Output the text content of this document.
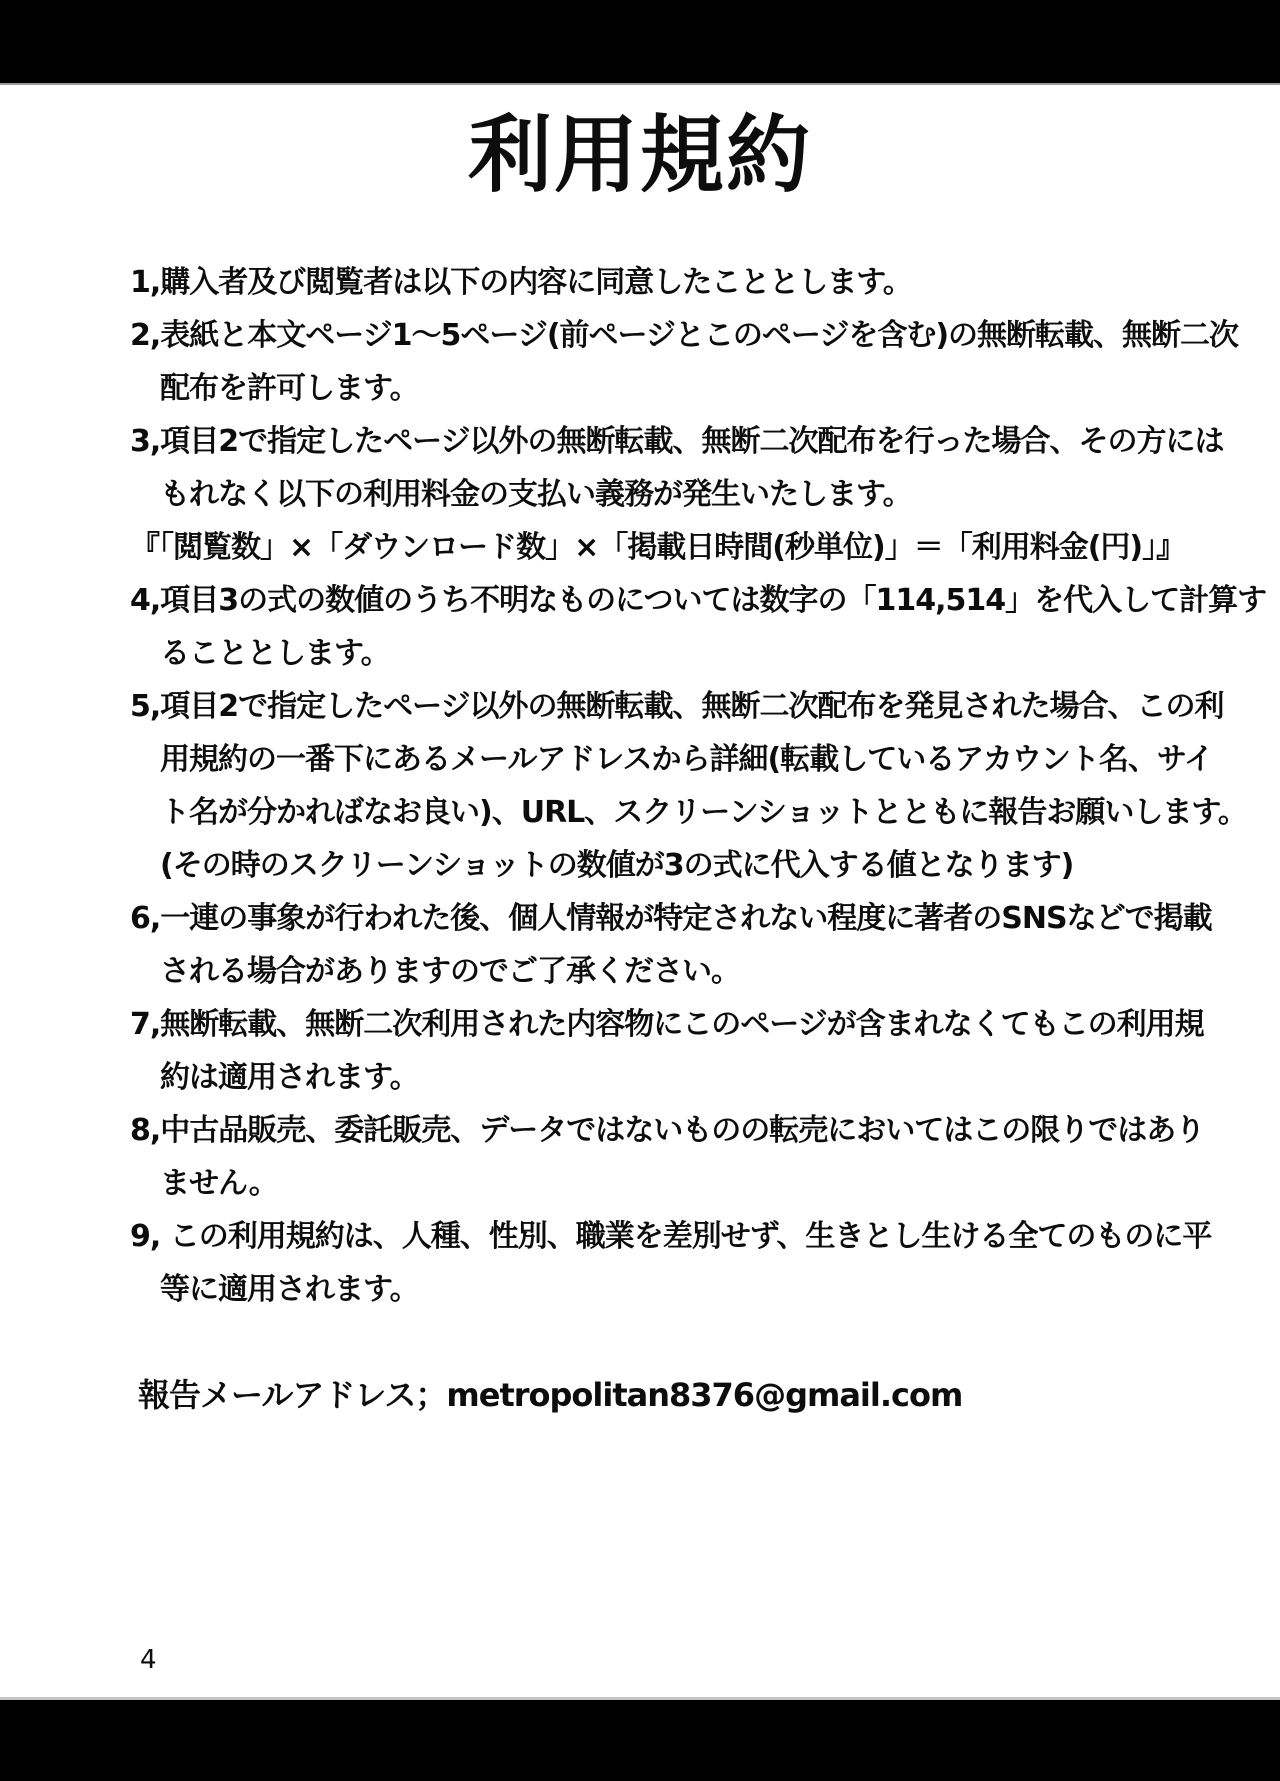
利用規約
1,購入者及び閲覧者は以下の内容に同意したこととします。
2,表紙と本文ページ1～5ページ(前ページとこのページを含む)の無断転載、無断二次
配布を許可します。
3,項目2で指定したページ以外の無断転載、無断二次配布を行った場合、その方には
もれなく以下の利用料金の支払い義務が発生いたします。
『「閲覧数」×「ダウンロード数」×「掲載日時間(秒単位)」＝「利用料金(円)」』
4,項目3の式の数値のうち不明なものについては数字の「114,514」を代入して計算す
ることとします。
5,項目2で指定したページ以外の無断転載、無断二次配布を発見された場合、この利
用規約の一番下にあるメールアドレスから詳細(転載しているアカウント名、サイ
ト名が分かればなお良い)、URL、スクリーンショットとともに報告お願いします。
(その時のスクリーンショットの数値が3の式に代入する値となります)
6,一連の事象が行われた後、個人情報が特定されない程度に著者のSNSなどで掲載
される場合がありますのでご了承ください。
7,無断転載、無断二次利用された内容物にこのページが含まれなくてもこの利用規
約は適用されます。
8,中古品販売、委託販売、データではないものの転売においてはこの限りではあり
ません。
9, この利用規約は、人種、性別、職業を差別せず、生きとし生ける全てのものに平
等に適用されます。
報告メールアドレス；metropolitan8376@gmail.com
4
